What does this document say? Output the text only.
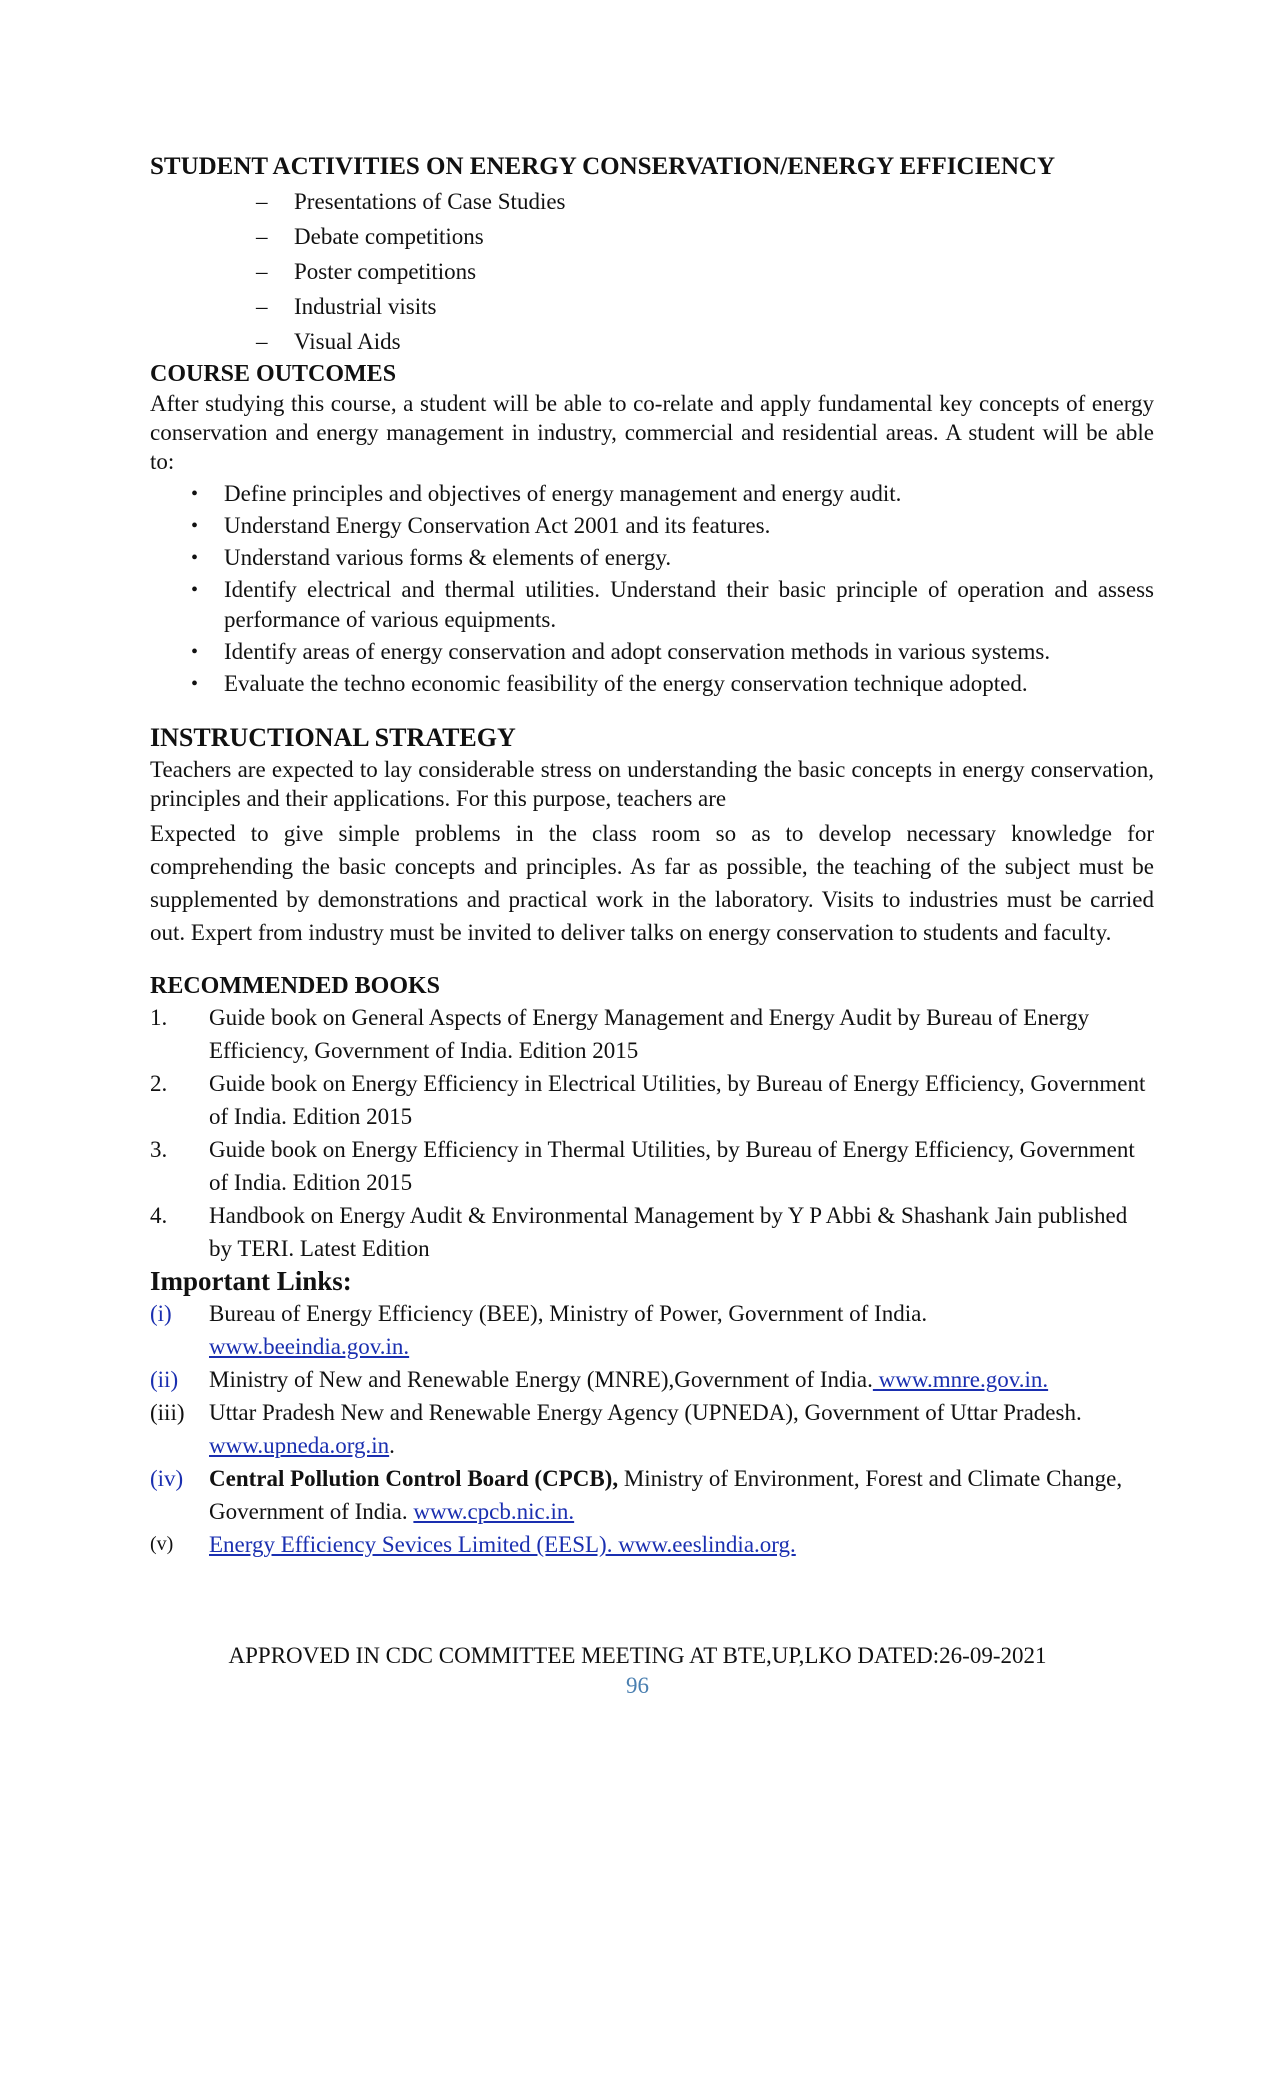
STUDENT ACTIVITIES ON ENERGY CONSERVATION/ENERGY EFFICIENCY
– Presentations of Case Studies
– Debate competitions
– Poster competitions
– Industrial visits
– Visual Aids
COURSE OUTCOMES

After studying this course, a student will be able to co-relate and apply fundamental key concepts of energy conservation and energy management in industry, commercial and residential areas. A student will be able to:

• Define principles and objectives of energy management and energy audit.
• Understand Energy Conservation Act 2001 and its features.
• Understand various forms & elements of energy.
• Identify electrical and thermal utilities. Understand their basic principle of operation and assess performance of various equipments.
• Identify areas of energy conservation and adopt conservation methods in various systems.
• Evaluate the techno economic feasibility of the energy conservation technique adopted.
INSTRUCTIONAL STRATEGY

Teachers are expected to lay considerable stress on understanding the basic concepts in energy conservation, principles and their applications. For this purpose, teachers are

Expected to give simple problems in the class room so as to develop necessary knowledge for comprehending the basic concepts and principles. As far as possible, the teaching of the subject must be supplemented by demonstrations and practical work in the laboratory. Visits to industries must be carried out. Expert from industry must be invited to deliver talks on energy conservation to students and faculty.

RECOMMENDED BOOKS
1. Guide book on General Aspects of Energy Management and Energy Audit by Bureau of Energy Efficiency, Government of India. Edition 2015
2. Guide book on Energy Efficiency in Electrical Utilities, by Bureau of Energy Efficiency, Government of India. Edition 2015
3. Guide book on Energy Efficiency in Thermal Utilities, by Bureau of Energy Efficiency, Government of India. Edition 2015
4. Handbook on Energy Audit & Environmental Management by Y P Abbi & Shashank Jain published by TERI. Latest Edition
Important Links:
(i) Bureau of Energy Efficiency (BEE), Ministry of Power, Government of India.
www.beeindia.gov.in.
(ii) Ministry of New and Renewable Energy (MNRE),Government of India. www.mnre.gov.in.
(iii) Uttar Pradesh New and Renewable Energy Agency (UPNEDA), Government of Uttar Pradesh. www.upneda.org.in.
(iv) Central Pollution Control Board (CPCB), Ministry of Environment, Forest and Climate Change, Government of India. www.cpcb.nic.in.
(v) Energy Efficiency Sevices Limited (EESL). www.eeslindia.org.
APPROVED IN CDC COMMITTEE MEETING AT BTE,UP,LKO DATED:26-09-2021
96
